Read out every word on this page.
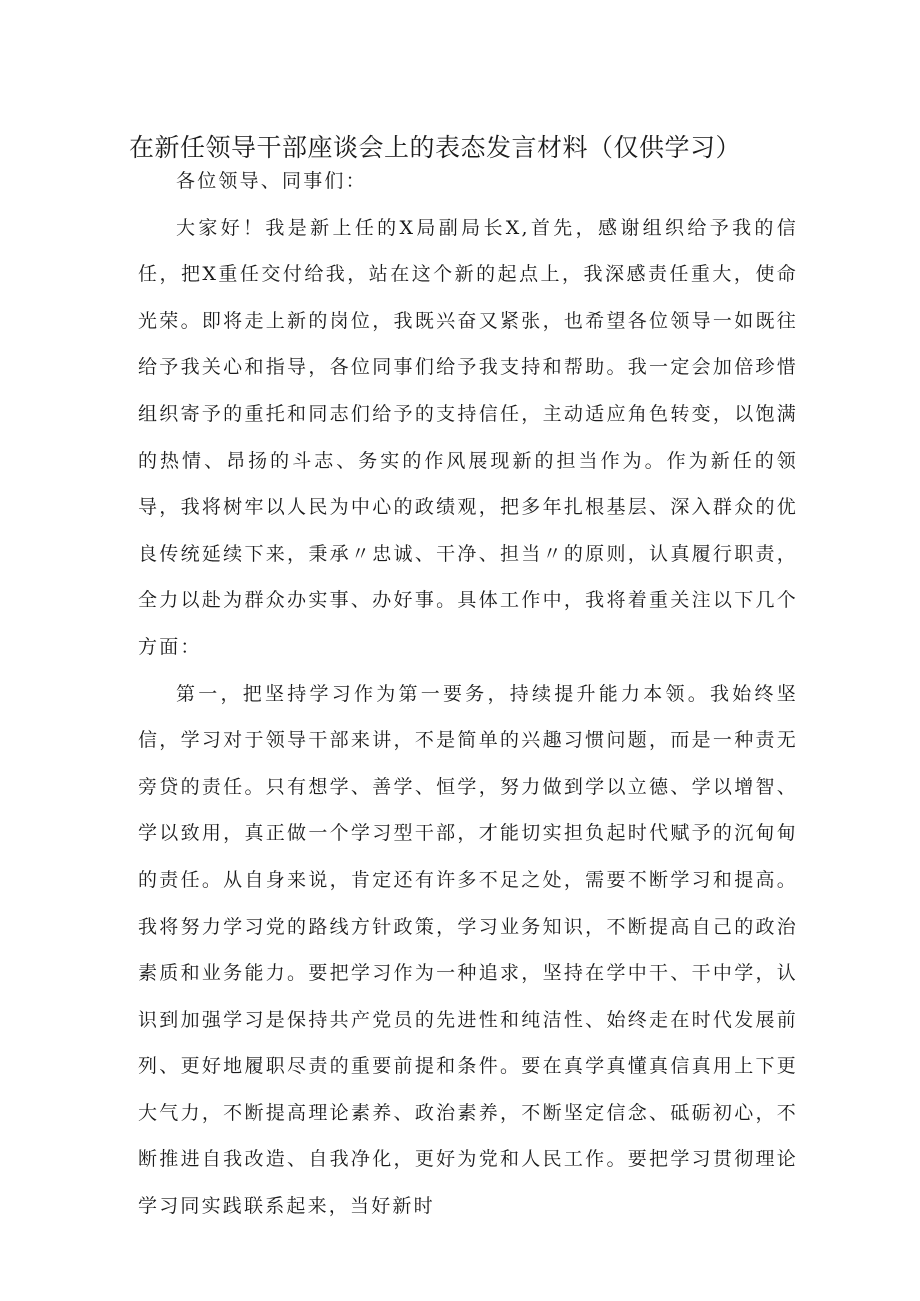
在新任领导干部座谈会上的表态发言材料（仅供学习）

各位领导、同事们：

大家好！我是新上任的X局副局长X,首先，感谢组织给予我的信任，把X重任交付给我，站在这个新的起点上，我深感责任重大，使命光荣。即将走上新的岗位，我既兴奋又紧张，也希望各位领导一如既往给予我关心和指导，各位同事们给予我支持和帮助。我一定会加倍珍惜组织寄予的重托和同志们给予的支持信任，主动适应角色转变，以饱满的热情、昂扬的斗志、务实的作风展现新的担当作为。作为新任的领导，我将树牢以人民为中心的政绩观，把多年扎根基层、深入群众的优良传统延续下来，秉承〃忠诚、干净、担当〃的原则，认真履行职责，全力以赴为群众办实事、办好事。具体工作中，我将着重关注以下几个方面：

第一，把坚持学习作为第一要务，持续提升能力本领。我始终坚信，学习对于领导干部来讲，不是简单的兴趣习惯问题，而是一种责无旁贷的责任。只有想学、善学、恒学，努力做到学以立德、学以增智、学以致用，真正做一个学习型干部，才能切实担负起时代赋予的沉甸甸的责任。从自身来说，肯定还有许多不足之处，需要不断学习和提高。我将努力学习党的路线方针政策，学习业务知识，不断提高自己的政治素质和业务能力。要把学习作为一种追求，坚持在学中干、干中学，认识到加强学习是保持共产党员的先进性和纯洁性、始终走在时代发展前列、更好地履职尽责的重要前提和条件。要在真学真懂真信真用上下更大气力，不断提高理论素养、政治素养，不断坚定信念、砥砺初心，不断推进自我改造、自我净化，更好为党和人民工作。要把学习贯彻理论学习同实践联系起来，当好新时
